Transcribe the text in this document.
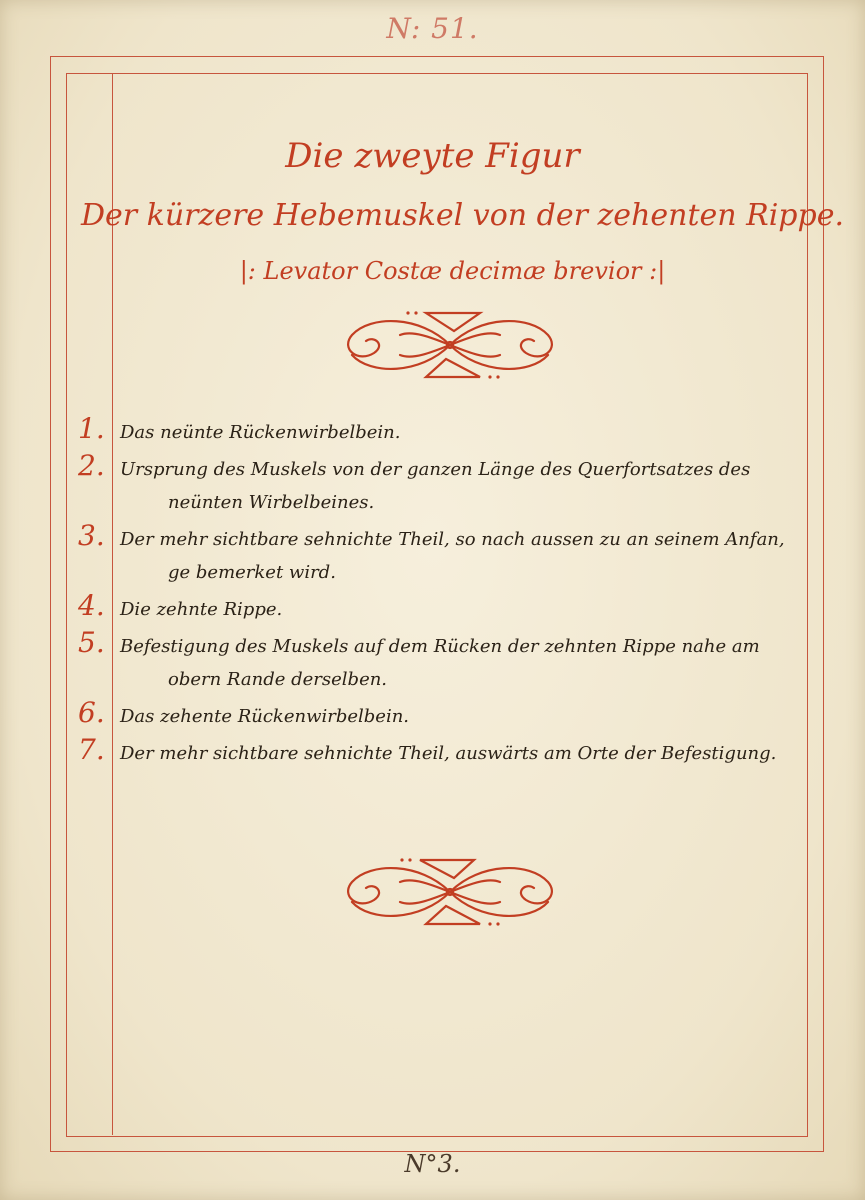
N: 51.
Die zweyte Figur
Der kürzere Hebemuskel von der zehenten Rippe.
|: Levator Costæ decimæ brevior :|
1. Das neünte Rückenwirbelbein.
2. Ursprung des Muskels von der ganzen Länge des Querfortsatzes des
neünten Wirbelbeines.
3. Der mehr sichtbare sehnichte Theil, so nach aussen zu an seinem Anfan,
ge bemerket wird.
4. Die zehnte Rippe.
5. Befestigung des Muskels auf dem Rücken der zehnten Rippe nahe am
obern Rande derselben.
6. Das zehente Rückenwirbelbein.
7. Der mehr sichtbare sehnichte Theil, auswärts am Orte der Befestigung.
N°3.
